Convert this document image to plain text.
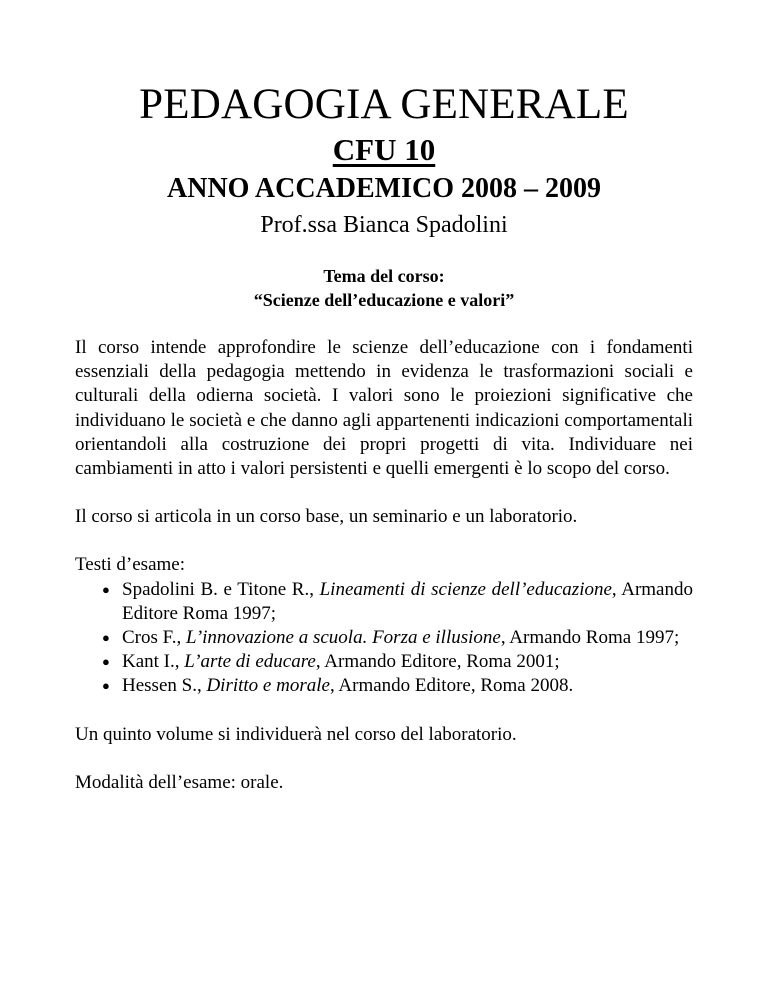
PEDAGOGIA GENERALE
CFU 10
ANNO ACCADEMICO 2008 – 2009
Prof.ssa Bianca Spadolini
Tema del corso:
“Scienze dell’educazione e valori”

Il corso intende approfondire le scienze dell’educazione con i fondamenti essenziali della pedagogia mettendo in evidenza le trasformazioni sociali e culturali della odierna società. I valori sono le proiezioni significative che individuano le società e che danno agli appartenenti indicazioni comportamentali orientandoli alla costruzione dei propri progetti di vita. Individuare nei cambiamenti in atto i valori persistenti e quelli emergenti è lo scopo del corso.

Il corso si articola in un corso base, un seminario e un laboratorio.

Testi d’esame:

● Spadolini B. e Titone R., Lineamenti di scienze dell’educazione, Armando Editore Roma 1997;
● Cros F., L’innovazione a scuola. Forza e illusione, Armando Roma 1997;
● Kant I., L’arte di educare, Armando Editore, Roma 2001;
● Hessen S., Diritto e morale, Armando Editore, Roma 2008.

Un quinto volume si individuerà nel corso del laboratorio.

Modalità dell’esame: orale.
